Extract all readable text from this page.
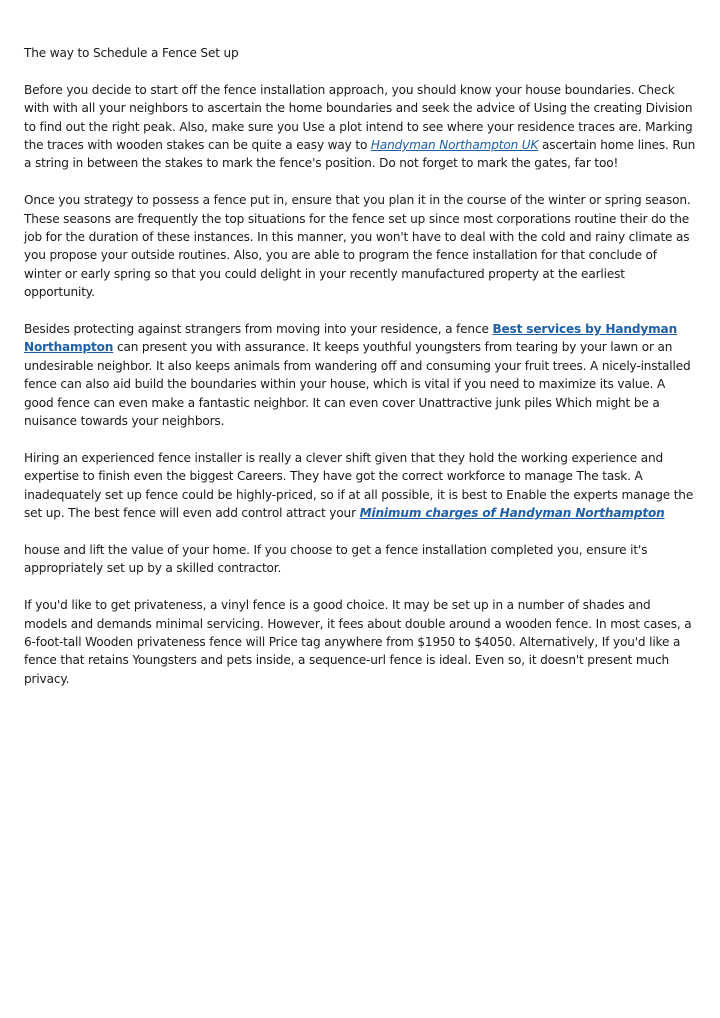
The way to Schedule a Fence Set up

Before you decide to start off the fence installation approach, you should know your house boundaries. Check with with all your neighbors to ascertain the home boundaries and seek the advice of Using the creating Division to find out the right peak. Also, make sure you Use a plot intend to see where your residence traces are. Marking the traces with wooden stakes can be quite a easy way to Handyman Northampton UK ascertain home lines. Run a string in between the stakes to mark the fence's position. Do not forget to mark the gates, far too!

Once you strategy to possess a fence put in, ensure that you plan it in the course of the winter or spring season. These seasons are frequently the top situations for the fence set up since most corporations routine their do the job for the duration of these instances. In this manner, you won't have to deal with the cold and rainy climate as you propose your outside routines. Also, you are able to program the fence installation for that conclude of winter or early spring so that you could delight in your recently manufactured property at the earliest opportunity.

Besides protecting against strangers from moving into your residence, a fence Best services by Handyman Northampton can present you with assurance. It keeps youthful youngsters from tearing by your lawn or an undesirable neighbor. It also keeps animals from wandering off and consuming your fruit trees. A nicely-installed fence can also aid build the boundaries within your house, which is vital if you need to maximize its value. A good fence can even make a fantastic neighbor. It can even cover Unattractive junk piles Which might be a nuisance towards your neighbors.

Hiring an experienced fence installer is really a clever shift given that they hold the working experience and expertise to finish even the biggest Careers. They have got the correct workforce to manage The task. A inadequately set up fence could be highly-priced, so if at all possible, it is best to Enable the experts manage the set up. The best fence will even add control attract your Minimum charges of Handyman Northampton

house and lift the value of your home. If you choose to get a fence installation completed you, ensure it's appropriately set up by a skilled contractor.

If you'd like to get privateness, a vinyl fence is a good choice. It may be set up in a number of shades and models and demands minimal servicing. However, it fees about double around a wooden fence. In most cases, a 6-foot-tall Wooden privateness fence will Price tag anywhere from $1950 to $4050. Alternatively, If you'd like a fence that retains Youngsters and pets inside, a sequence-url fence is ideal. Even so, it doesn't present much privacy.
